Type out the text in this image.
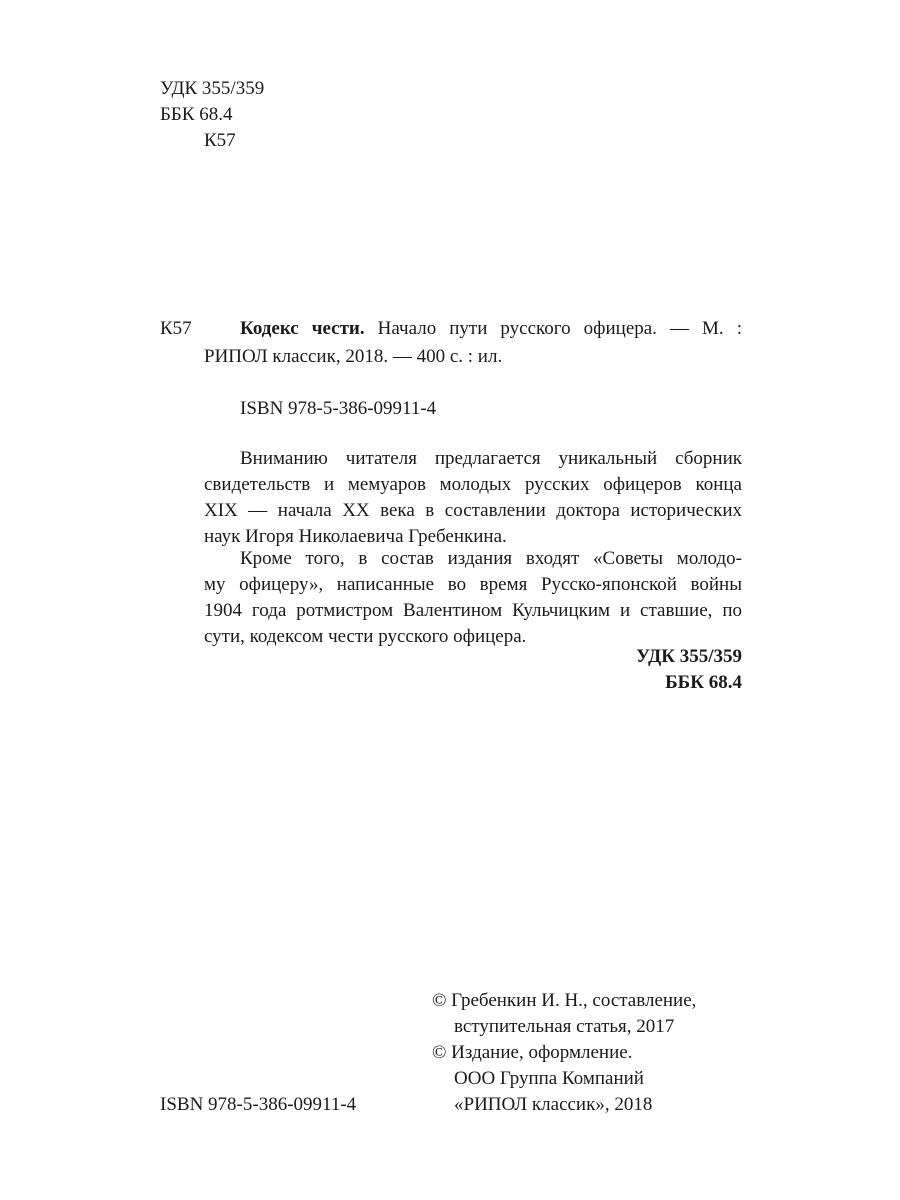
УДК 355/359
ББК 68.4
К57
К57	Кодекс чести. Начало пути русского офицера. — М. :
РИПОЛ классик, 2018. — 400 с. : ил.
ISBN 978-5-386-09911-4
Вниманию читателя предлагается уникальный сборник
свидетельств и мемуаров молодых русских офицеров конца
XIX — начала XX века в составлении доктора исторических
наук Игоря Николаевича Гребенкина.
Кроме того, в состав издания входят «Советы молодо-
му офицеру», написанные во время Русско-японской войны
1904 года ротмистром Валентином Кульчицким и ставшие, по
сути, кодексом чести русского офицера.
УДК 355/359
ББК 68.4
© Гребенкин И. Н., составление,
вступительная статья, 2017
© Издание, оформление.
ООО Группа Компаний
«РИПОЛ классик», 2018
ISBN 978-5-386-09911-4
